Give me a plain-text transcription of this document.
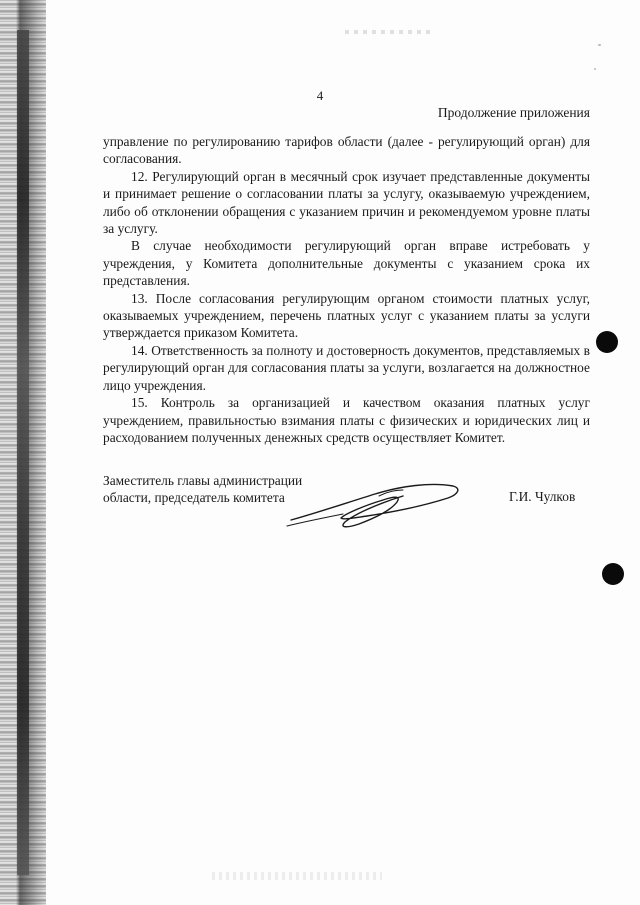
4
Продолжение приложения

управление по регулированию тарифов области (далее - регулирующий орган) для согласования.

12. Регулирующий орган в месячный срок изучает представленные документы и принимает решение о согласовании платы за услугу, оказываемую учреждением, либо об отклонении обращения с указанием причин и рекомендуемом уровне платы за услугу.

В случае необходимости регулирующий орган вправе истребовать у учреждения, у Комитета дополнительные документы с указанием срока их представления.

13. После согласования регулирующим органом стоимости платных услуг, оказываемых учреждением, перечень платных услуг с указанием платы за услуги утверждается приказом Комитета.

14. Ответственность за полноту и достоверность документов, представляемых в регулирующий орган для согласования платы за услуги, возлагается на должностное лицо учреждения.

15. Контроль за организацией и качеством оказания платных услуг учреждением, правильностью взимания платы с физических и юридических лиц и расходованием полученных денежных средств осуществляет Комитет.

Заместитель главы администрации
области, председатель комитета	Г.И. Чулков
